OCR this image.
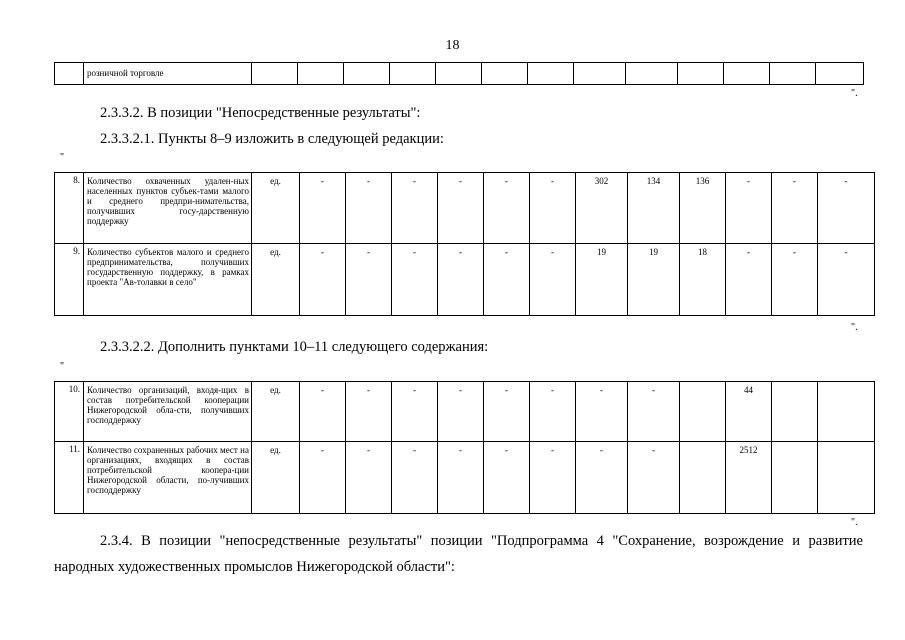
18
	розничной торговле													
".
2.3.3.2. В позиции "Непосредственные результаты":
2.3.3.2.1. Пункты 8–9 изложить в следующей редакции:
"
8.	Количество охваченных удален-ных населенных пунктов субъек-тами малого и среднего предпри-нимательства, получивших госу-дарственную поддержку	ед.	-	-	-	-	-	-	302	134	136	-	-	-
9.	Количество субъектов малого и среднего предпринимательства, получивших государственную поддержку, в рамках проекта "Ав-толавки в село"	ед.	-	-	-	-	-	-	19	19	18	-	-	-
".
2.3.3.2.2. Дополнить пунктами 10–11 следующего содержания:
"
10.	Количество организаций, входя-щих в состав потребительской кооперации Нижегородской обла-сти, получивших господдержку	ед.	-	-	-	-	-	-	-	-		44		
11.	Количество сохраненных рабочих мест на организациях, входящих в состав потребительской коопера-ции Нижегородской области, по-лучивших господдержку	ед.	-	-	-	-	-	-	-	-		2512		
".
2.3.4. В позиции "непосредственные результаты" позиции "Подпрограмма 4 "Сохранение, возрождение и развитие
народных художественных промыслов Нижегородской области":
